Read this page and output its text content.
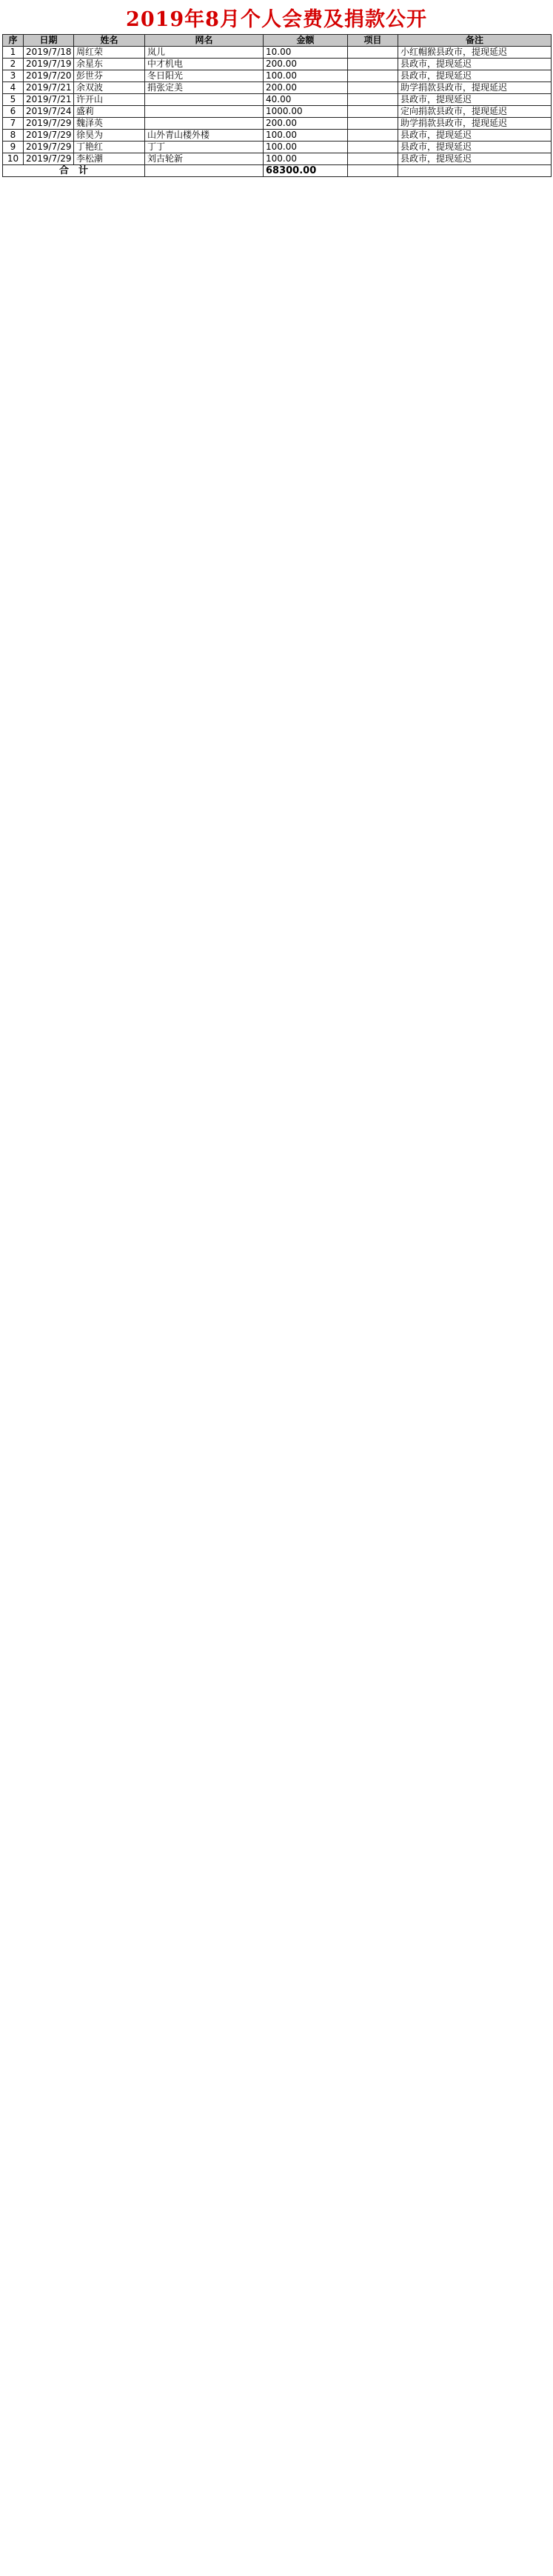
2019年8月个人会费及捐款公开
序	日期	姓名	网名	金额	项目	备注
1	2019/7/18	周红荣	岚儿	10.00		小红帽猴县政市，提现延迟
2	2019/7/19	余星东	中才机电	200.00		县政市，提现延迟
3	2019/7/20	彭世芬	冬日阳光	100.00		县政市，提现延迟
4	2019/7/21	余双波	捐张定美	200.00		助学捐款县政市，提现延迟
5	2019/7/21	许开山		40.00		县政市，提现延迟
6	2019/7/24	盛莉		1000.00		定向捐款县政市，提现延迟
7	2019/7/29	魏泽英		200.00		助学捐款县政市，提现延迟
8	2019/7/29	徐昊为	山外青山楼外楼	100.00		县政市，提现延迟
9	2019/7/29	丁艳红	丁丁	100.00		县政市，提现延迟
10	2019/7/29	李松潮	刘古轮新	100.00		县政市，提现延迟

合　计				68300.00		
